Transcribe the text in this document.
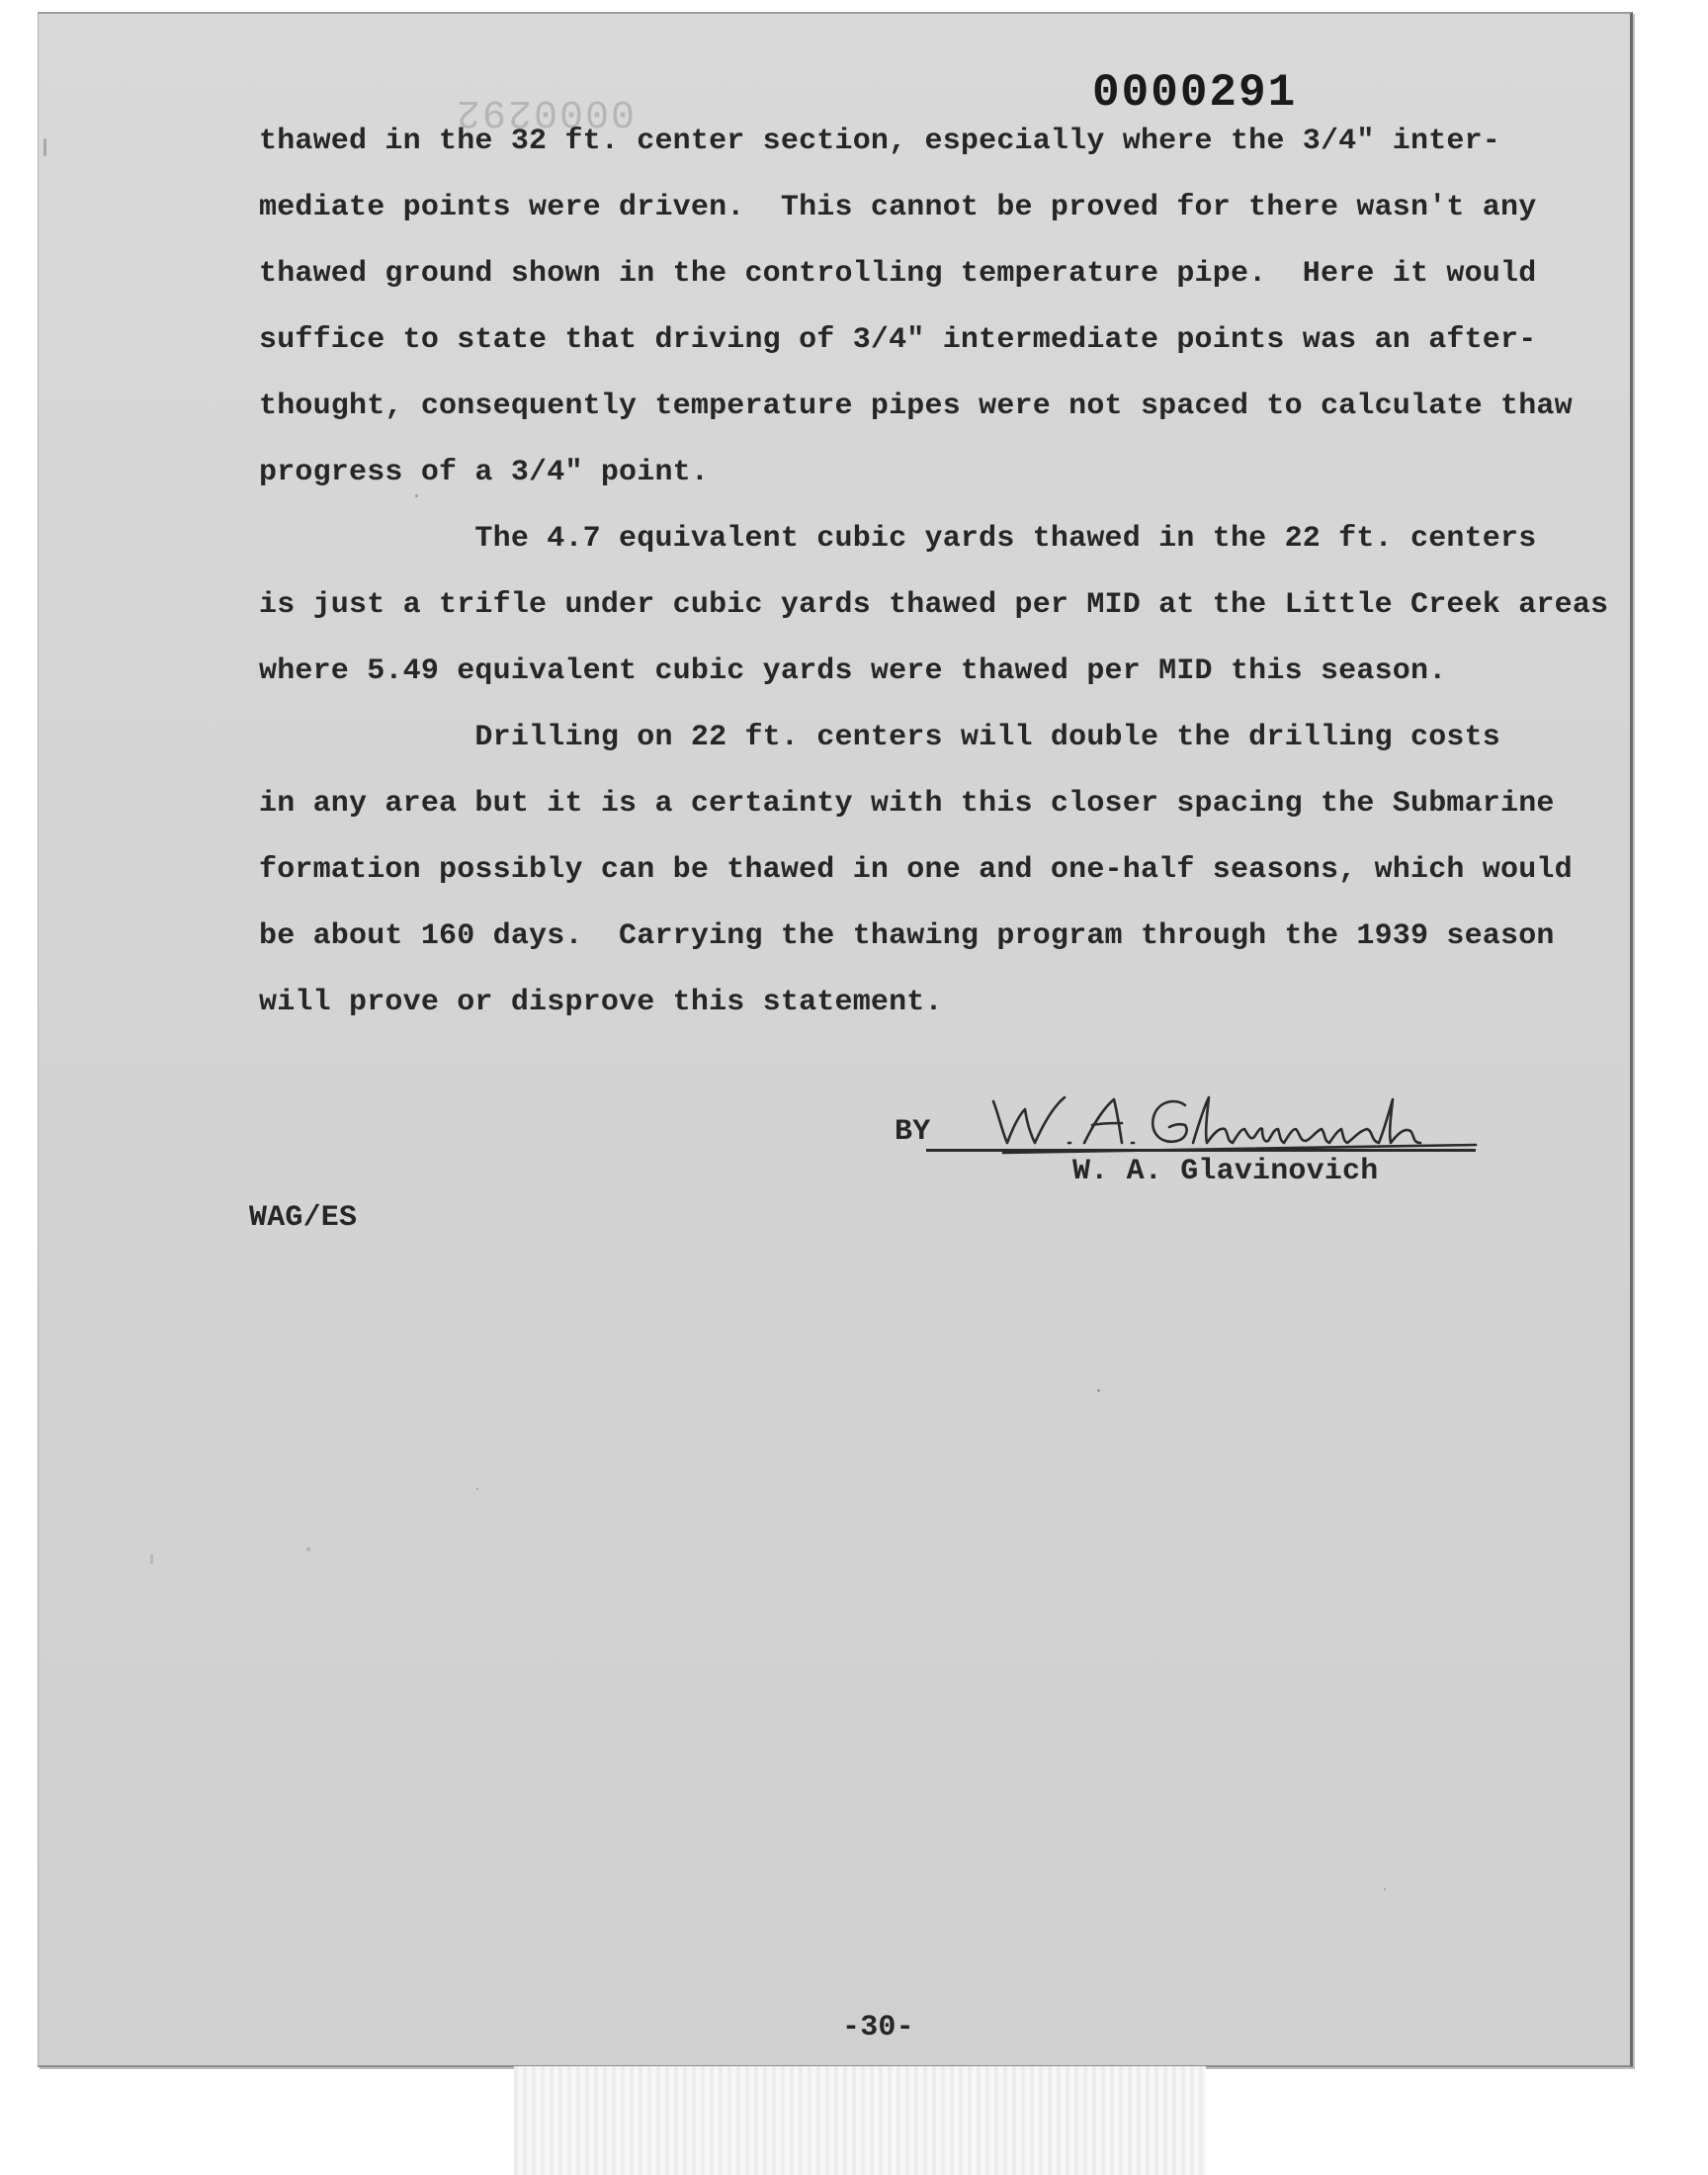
0000292	0000291

thawed in the 32 ft. center section, especially where the 3/4" inter-

mediate points were driven.  This cannot be proved for there wasn't any

thawed ground shown in the controlling temperature pipe.  Here it would

suffice to state that driving of 3/4" intermediate points was an after-

thought, consequently temperature pipes were not spaced to calculate thaw

progress of a 3/4" point.

The 4.7 equivalent cubic yards thawed in the 22 ft. centers

is just a trifle under cubic yards thawed per MID at the Little Creek areas

where 5.49 equivalent cubic yards were thawed per MID this season.

Drilling on 22 ft. centers will double the drilling costs

in any area but it is a certainty with this closer spacing the Submarine

formation possibly can be thawed in one and one-half seasons, which would

be about 160 days.  Carrying the thawing program through the 1939 season

will prove or disprove this statement.

BY

W. A. Glavinovich

WAG/ES

-30-
